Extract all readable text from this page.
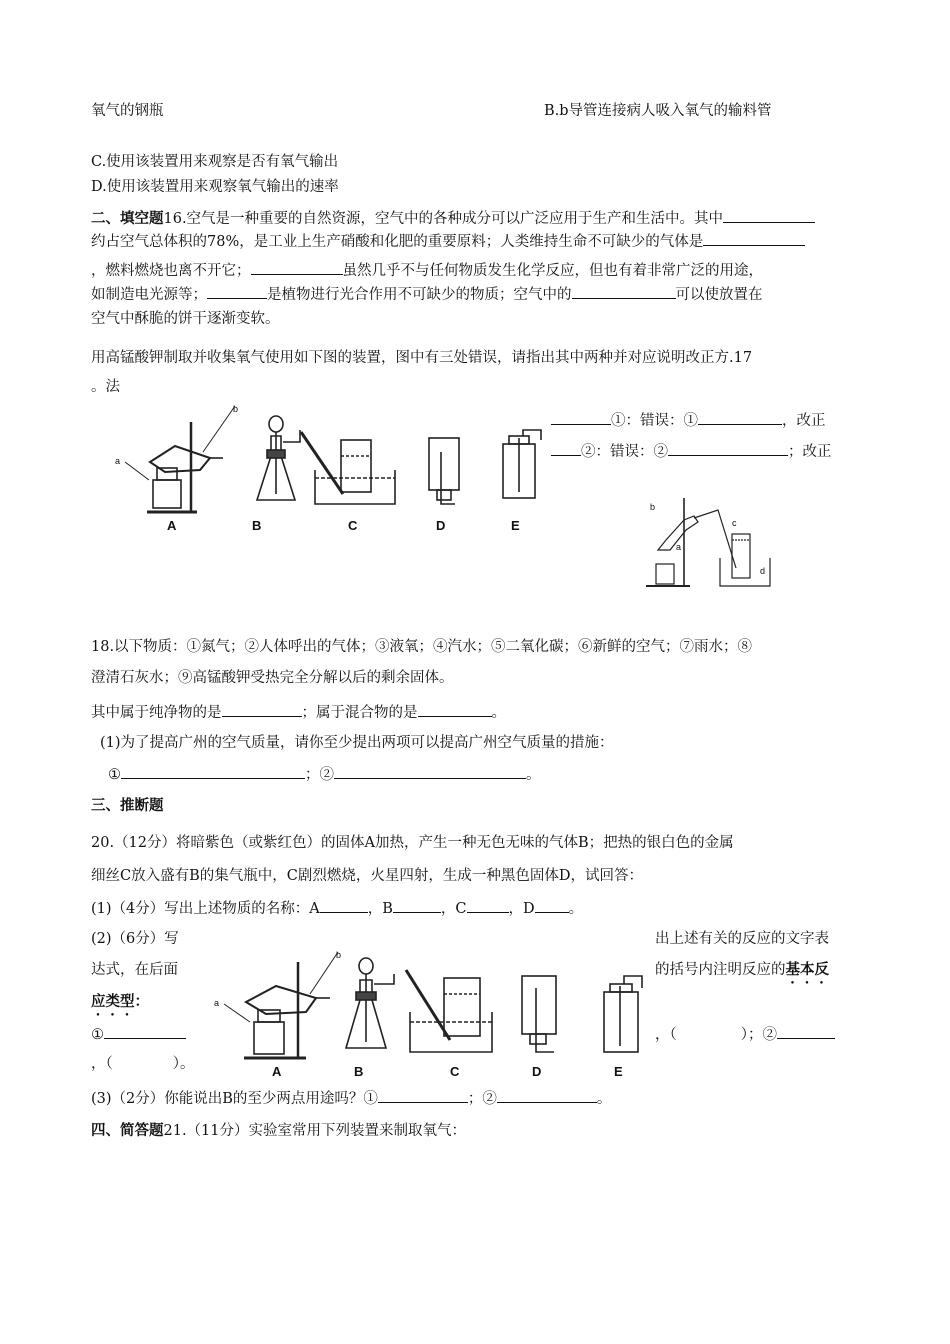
氧气的钢瓶	B.b导管连接病人吸入氧气的输料管
C.使用该装置用来观察是否有氧气输出
D.使用该装置用来观察氧气输出的速率
二、填空题16.空气是一种重要的自然资源，空气中的各种成分可以广泛应用于生产和生活中。其中
约占空气总体积的78%，是工业上生产硝酸和化肥的重要原料；人类维持生命不可缺少的气体是
，燃料燃烧也离不开它；	虽然几乎不与任何物质发生化学反应，但也有着非常广泛的用途，
如制造电光源等；	是植物进行光合作用不可缺少的物质；空气中的	可以使放置在
空气中酥脆的饼干逐渐变软。
用高锰酸钾制取并收集氧气使用如下图的装置，图中有三处错误，请指出其中两种并对应说明改正方.17
。法
①：错误：①	，改正
②：错误：②	；改正
A	B	C	D	E
a
b
b
a
c
d
18.以下物质：①氮气；②人体呼出的气体；③液氧；④汽水；⑤二氧化碳；⑥新鲜的空气；⑦雨水；⑧
澄清石灰水；⑨高锰酸钾受热完全分解以后的剩余固体。
其中属于纯净物的是	；属于混合物的是	。
(1)为了提高广州的空气质量，请你至少提出两项可以提高广州空气质量的措施：
①	；②	。
三、推断题
20.（12分）将暗紫色（或紫红色）的固体A加热，产生一种无色无味的气体B；把热的银白色的金属
细丝C放入盛有B的集气瓶中，C剧烈燃烧，火星四射，生成一种黑色固体D，试回答：
(1)（4分）写出上述物质的名称：A	，B	，C	，D 。
(2)（6分）写	出上述有关的反应的文字表
达式，在后面	的括号内注明反应的基本反
应类型：
①	，（	）；②
，（	）。	A	B	C	D	E
a
b
(3)（2分）你能说出B的至少两点用途吗？①	；②	。
四、简答题21.（11分）实验室常用下列装置来制取氧气：
